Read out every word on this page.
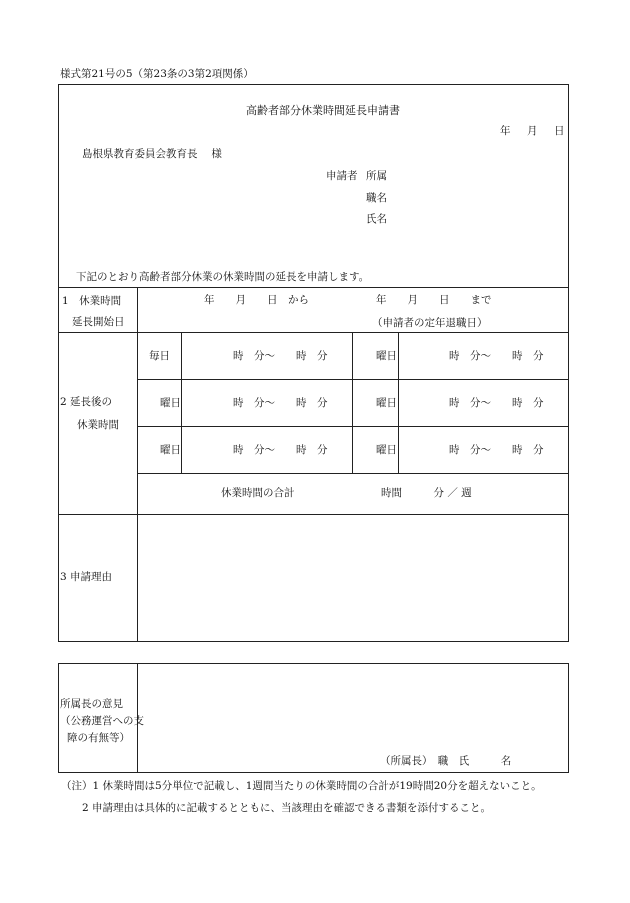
様式第21号の5（第23条の3第2項関係）
高齢者部分休業時間延長申請書
年　月　日
島根県教育委員会教育長　 様
申請者 所属
職名
氏名
下記のとおり高齢者部分休業の休業時間の延長を申請します。
1　休業時間
延長開始日
年　　月　　日　から	年　　月　　日　　まで
（申請者の定年退職日）
2 延長後の
休業時間
毎日	時　分～　　時　分	曜日	時　分～　　時　分
曜日	時　分～　　時　分	曜日	時　分～　　時　分
曜日	時　分～　　時　分	曜日	時　分～　　時　分
休業時間の合計	時間　　　分 ／ 週
3 申請理由
所属長の意見
（公務運営への支
障の有無等）
（所属長）　職　氏　　　名
（注）1 休業時間は5分単位で記載し、1週間当たりの休業時間の合計が19時間20分を超えないこと。
2 申請理由は具体的に記載するとともに、当該理由を確認できる書類を添付すること。
